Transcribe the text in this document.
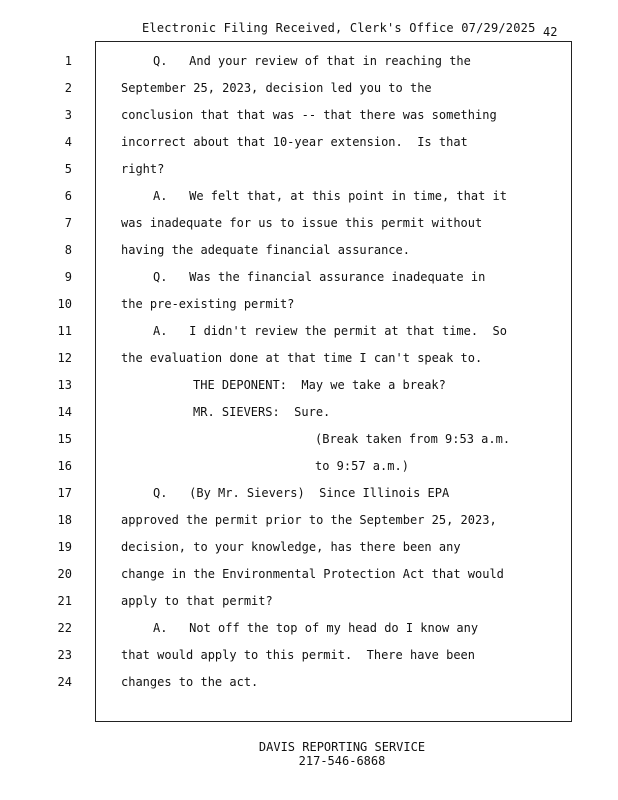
Electronic Filing Received, Clerk's Office 07/29/2025 42
1
2
3
4
5
6
7
8
9
10
11
12
13
14
15
16
17
18
19
20
21
22
23
24
Q.   And your review of that in reaching the
September 25, 2023, decision led you to the
conclusion that that was -- that there was something
incorrect about that 10-year extension.  Is that
right?
A.   We felt that, at this point in time, that it
was inadequate for us to issue this permit without
having the adequate financial assurance.
Q.   Was the financial assurance inadequate in
the pre-existing permit?
A.   I didn't review the permit at that time.  So
the evaluation done at that time I can't speak to.
THE DEPONENT:  May we take a break?
MR. SIEVERS:  Sure.
(Break taken from 9:53 a.m.
to 9:57 a.m.)
Q.   (By Mr. Sievers)  Since Illinois EPA
approved the permit prior to the September 25, 2023,
decision, to your knowledge, has there been any
change in the Environmental Protection Act that would
apply to that permit?
A.   Not off the top of my head do I know any
that would apply to this permit.  There have been
changes to the act.
DAVIS REPORTING SERVICE
217-546-6868
